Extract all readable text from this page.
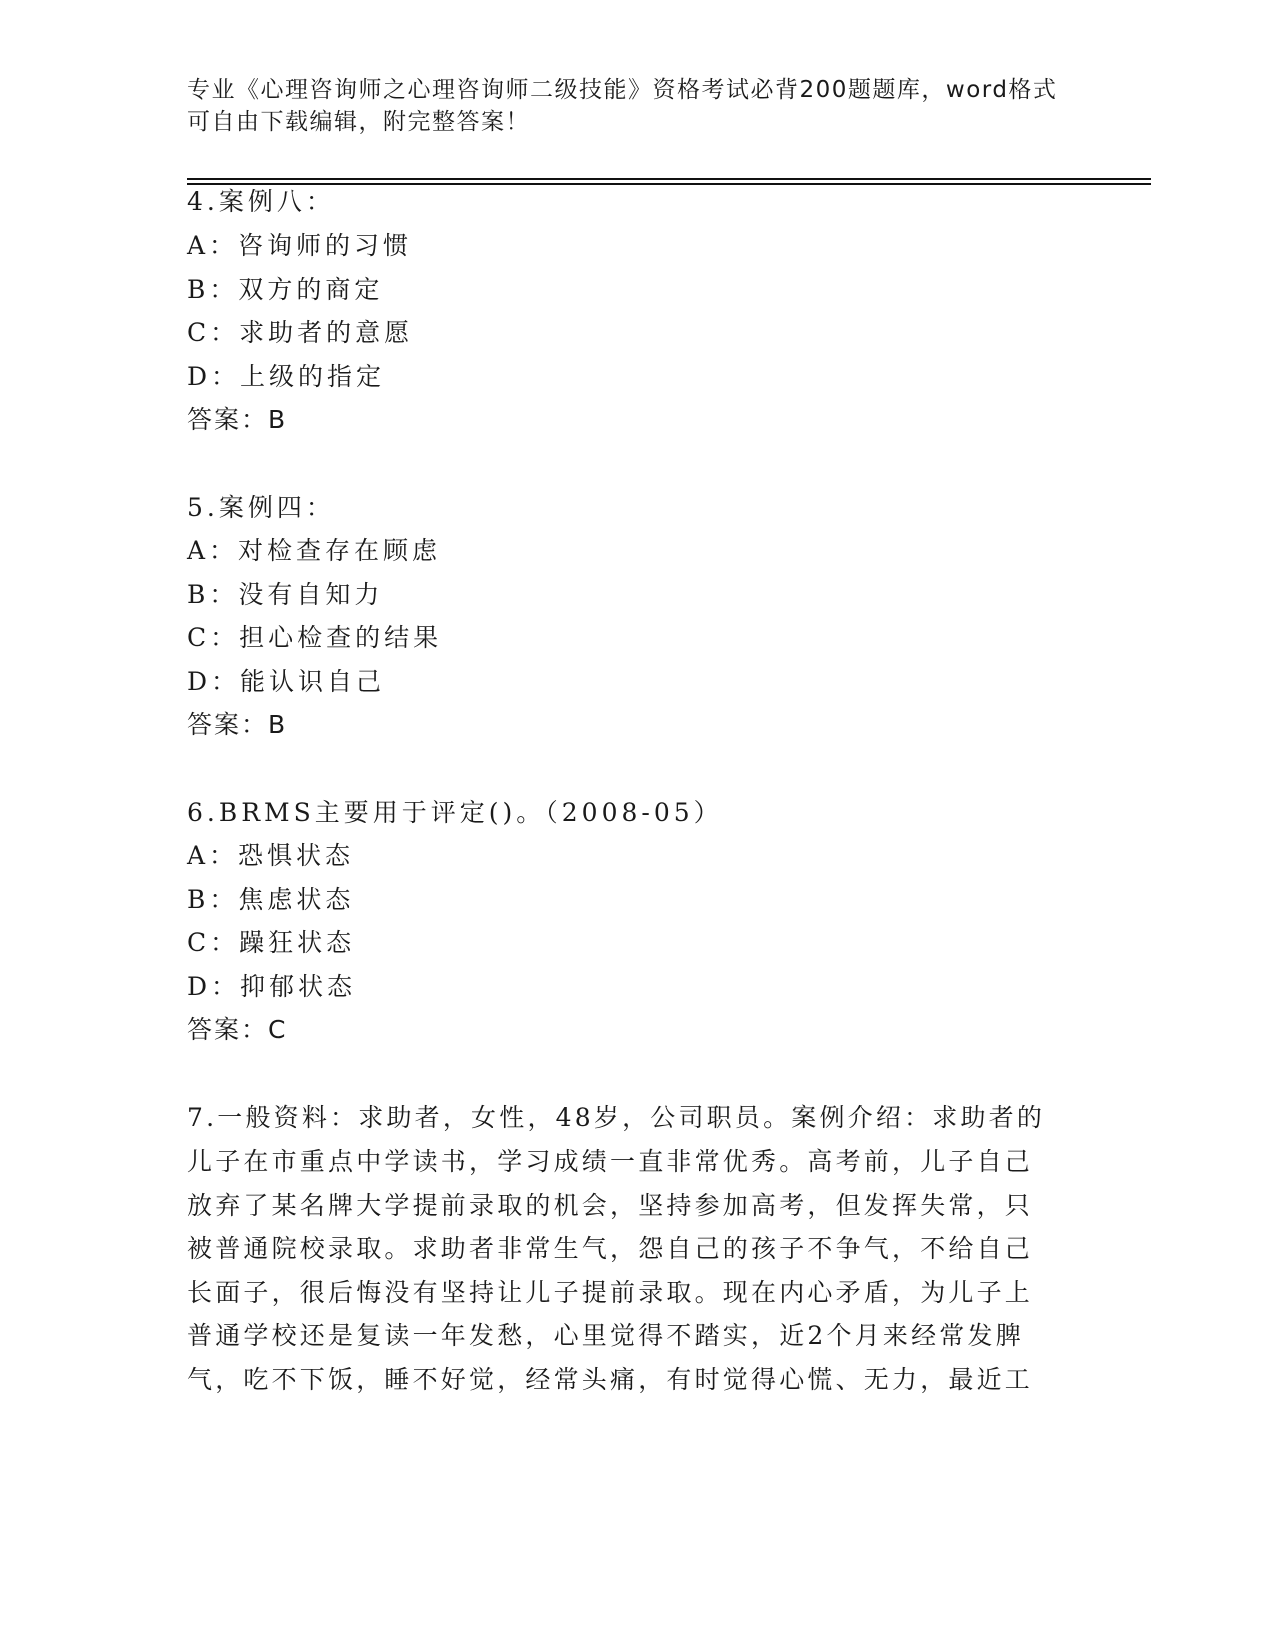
专业《心理咨询师之心理咨询师二级技能》资格考试必背200题题库，word格式
可自由下载编辑，附完整答案！
4.案例八：
A：咨询师的习惯
B：双方的商定
C：求助者的意愿
D：上级的指定
答案：B
5.案例四：
A：对检查存在顾虑
B：没有自知力
C：担心检查的结果
D：能认识自己
答案：B
6.BRMS主要用于评定()。（2008-05）
A：恐惧状态
B：焦虑状态
C：躁狂状态
D：抑郁状态
答案：C
7.一般资料：求助者，女性，48岁，公司职员。案例介绍：求助者的
儿子在市重点中学读书，学习成绩一直非常优秀。高考前，儿子自己
放弃了某名牌大学提前录取的机会，坚持参加高考，但发挥失常，只
被普通院校录取。求助者非常生气，怨自己的孩子不争气，不给自己
长面子，很后悔没有坚持让儿子提前录取。现在内心矛盾，为儿子上
普通学校还是复读一年发愁，心里觉得不踏实，近2个月来经常发脾
气，吃不下饭，睡不好觉，经常头痛，有时觉得心慌、无力，最近工
